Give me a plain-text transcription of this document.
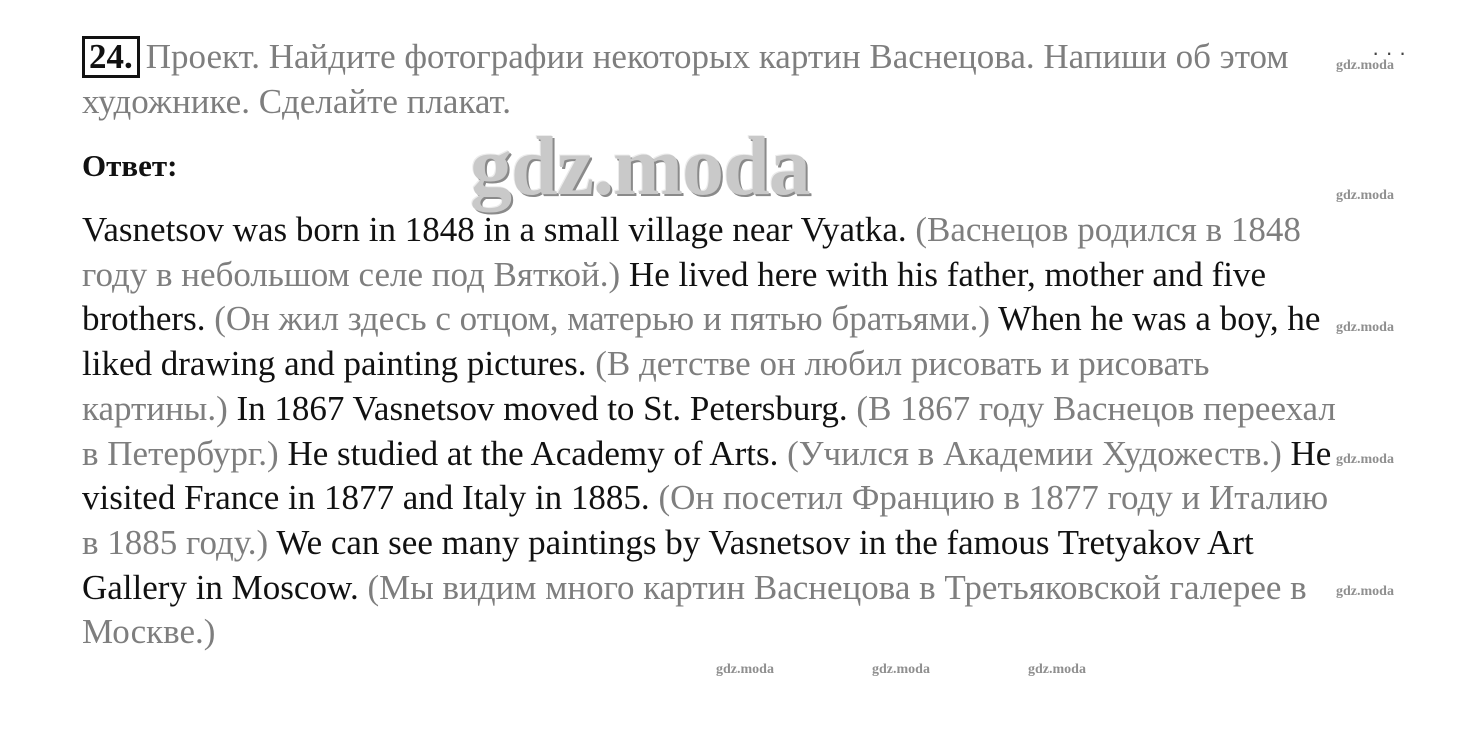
· · ·
24. Проект. Найдите фотографии некоторых картин Васнецова. Напиши об этом художнике. Сделайте плакат.
Ответ:	gdz.moda
Vasnetsov was born in 1848 in a small village near Vyatka. (Васнецов родился в 1848 году в небольшом селе под Вяткой.) He lived here with his father, mother and five brothers. (Он жил здесь с отцом, матерью и пятью братьями.) When he was a boy, he liked drawing and painting pictures. (В детстве он любил рисовать и рисовать картины.) In 1867 Vasnetsov moved to St. Petersburg. (В 1867 году Васнецов переехал в Петербург.) He studied at the Academy of Arts. (Учился в Академии Художеств.) He visited France in 1877 and Italy in 1885. (Он посетил Францию в 1877 году и Италию в 1885 году.) We can see many paintings by Vasnetsov in the famous Tretyakov Art Gallery in Moscow. (Мы видим много картин Васнецова в Третьяковской галерее в Москве.)
gdz.moda
gdz.moda
gdz.moda
gdz.moda
gdz.moda
gdz.moda	gdz.moda	gdz.moda
